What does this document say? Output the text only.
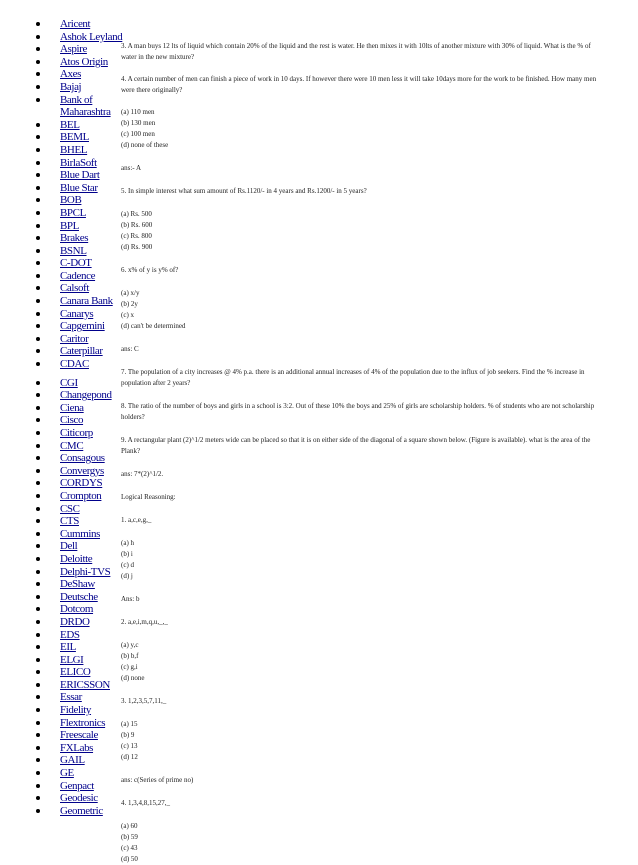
Aricent
Ashok Leyland
Aspire
Atos Origin
Axes
Bajaj
Bank of Maharashtra
BEL
BEML
BHEL
BirlaSoft
Blue Dart
Blue Star
BOB
BPCL
BPL
Brakes
BSNL
C-DOT
Cadence
Calsoft
Canara Bank
Canarys
Capgemini
Caritor
Caterpillar
CDAC
CGI
Changepond
Ciena
Cisco
Citicorp
CMC
Consagous
Convergys
CORDYS
Crompton
CSC
CTS
Cummins
Dell
Deloitte
Delphi-TVS
DeShaw
Deutsche
Dotcom
DRDO
EDS
EIL
ELGI
ELICO
ERICSSON
Essar
Fidelity
Flextronics
Freescale
FXLabs
GAIL
GE
Genpact
Geodesic
Geometric

3. A man buys 12 lts of liquid which contain 20% of the liquid and the rest is water. He then mixes it with 10lts of another mixture with 30% of liquid. What is the % of water in the new mixture?

4. A certain number of men can finish a piece of work in 10 days. If however there were 10 men less it will take 10days more for the work to be finished. How many men were there originally?

(a) 110 men

(b) 130 men

(c) 100 men

(d) none of these

ans:- A

5. In simple interest what sum amount of Rs.1120/- in 4 years and Rs.1200/- in 5 years?

(a) Rs. 500

(b) Rs. 600

(c) Rs. 800

(d) Rs. 900

6. x% of y is y% of?

(a) x/y

(b) 2y

(c) x

(d) can't be determined

ans: C

7. The population of a city increases @ 4% p.a. there is an additional annual increases of 4% of the population due to the influx of job seekers. Find the % increase in population after 2 years?

8. The ratio of the number of boys and girls in a school is 3:2. Out of these 10% the boys and 25% of girls are scholarship holders. % of students who are not scholarship holders?

9. A rectangular plant (2)^1/2 meters wide can be placed so that it is on either side of the diagonal of a square shown below. (Figure is available). what is the area of the Plank?

ans: 7*(2)^1/2.

Logical Reasoning:

1. a,c,e,g,_

(a) h

(b) i

(c) d

(d) j

Ans: b

2. a,e,i,m,q,u,_,_

(a) y,c

(b) b,f

(c) g,i

(d) none

3. 1,2,3,5,7,11,_

(a) 15

(b) 9

(c) 13

(d) 12

ans: c(Series of prime no)

4. 1,3,4,8,15,27,_

(a) 60

(b) 59

(c) 43

(d) 50
